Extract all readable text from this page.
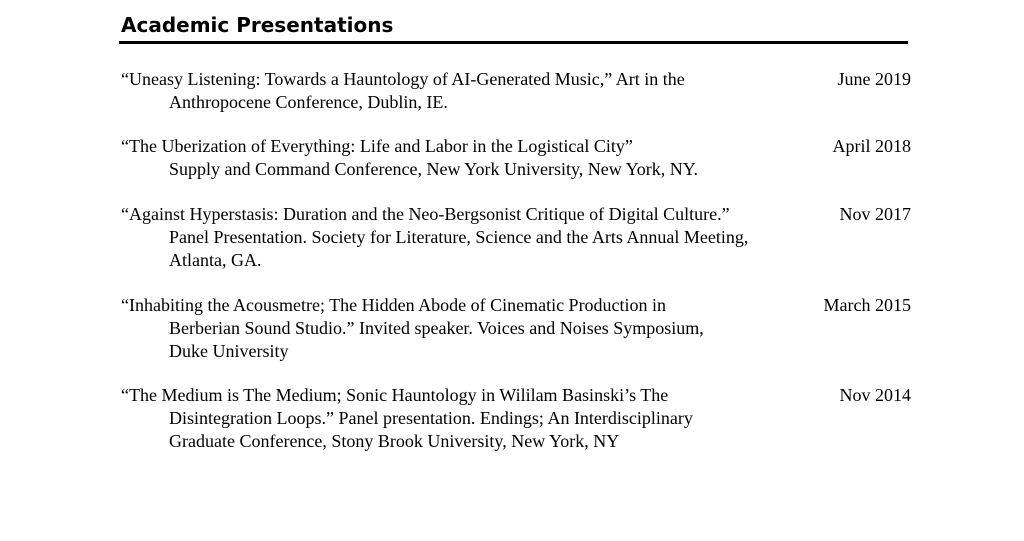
Academic Presentations
“Uneasy Listening: Towards a Hauntology of AI-Generated Music,” Art in the
Anthropocene Conference, Dublin, IE.
June 2019
“The Uberization of Everything: Life and Labor in the Logistical City”
Supply and Command Conference, New York University, New York, NY.
April 2018
“Against Hyperstasis: Duration and the Neo-Bergsonist Critique of Digital Culture.”
Panel Presentation. Society for Literature, Science and the Arts Annual Meeting,
Atlanta, GA.
Nov 2017
“Inhabiting the Acousmetre; The Hidden Abode of Cinematic Production in
Berberian Sound Studio.” Invited speaker. Voices and Noises Symposium,
Duke University
March 2015
“The Medium is The Medium; Sonic Hauntology in Wililam Basinski’s The
Disintegration Loops.” Panel presentation. Endings; An Interdisciplinary
Graduate Conference, Stony Brook University, New York, NY
Nov 2014
